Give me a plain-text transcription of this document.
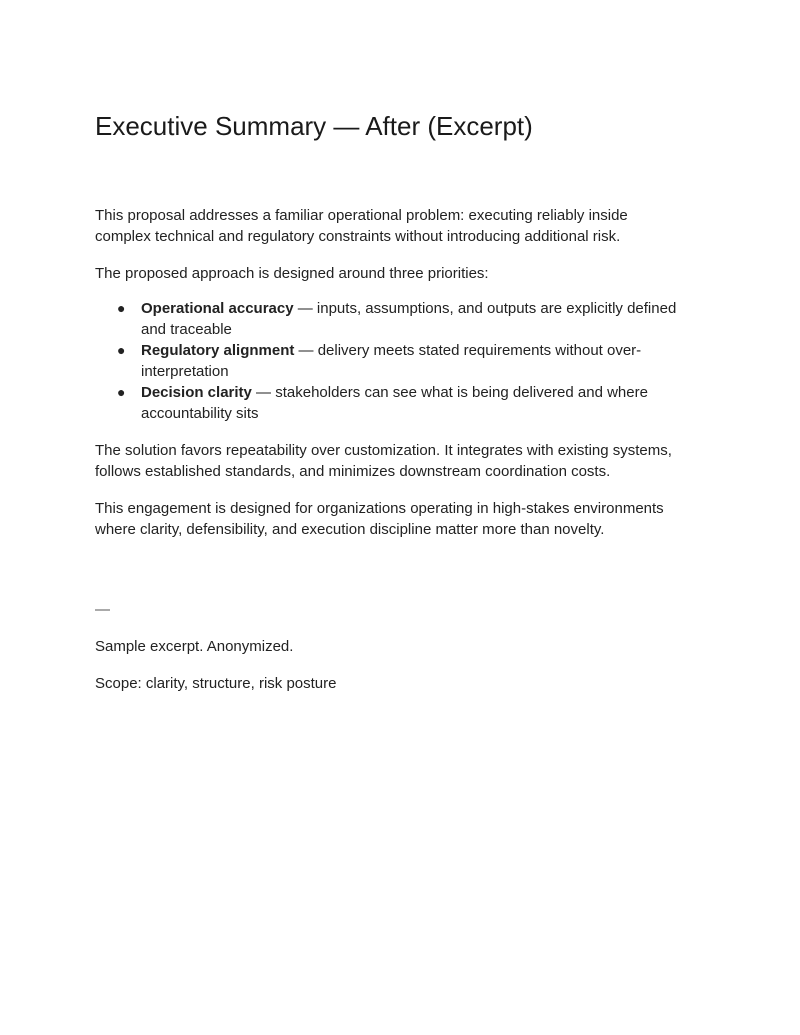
Executive Summary — After (Excerpt)

This proposal addresses a familiar operational problem: executing reliably inside complex technical and regulatory constraints without introducing additional risk.

The proposed approach is designed around three priorities:

● Operational accuracy — inputs, assumptions, and outputs are explicitly defined and traceable
● Regulatory alignment — delivery meets stated requirements without over-interpretation
● Decision clarity — stakeholders can see what is being delivered and where accountability sits

The solution favors repeatability over customization. It integrates with existing systems, follows established standards, and minimizes downstream coordination costs.

This engagement is designed for organizations operating in high-stakes environments where clarity, defensibility, and execution discipline matter more than novelty.

—

Sample excerpt. Anonymized.

Scope: clarity, structure, risk posture
